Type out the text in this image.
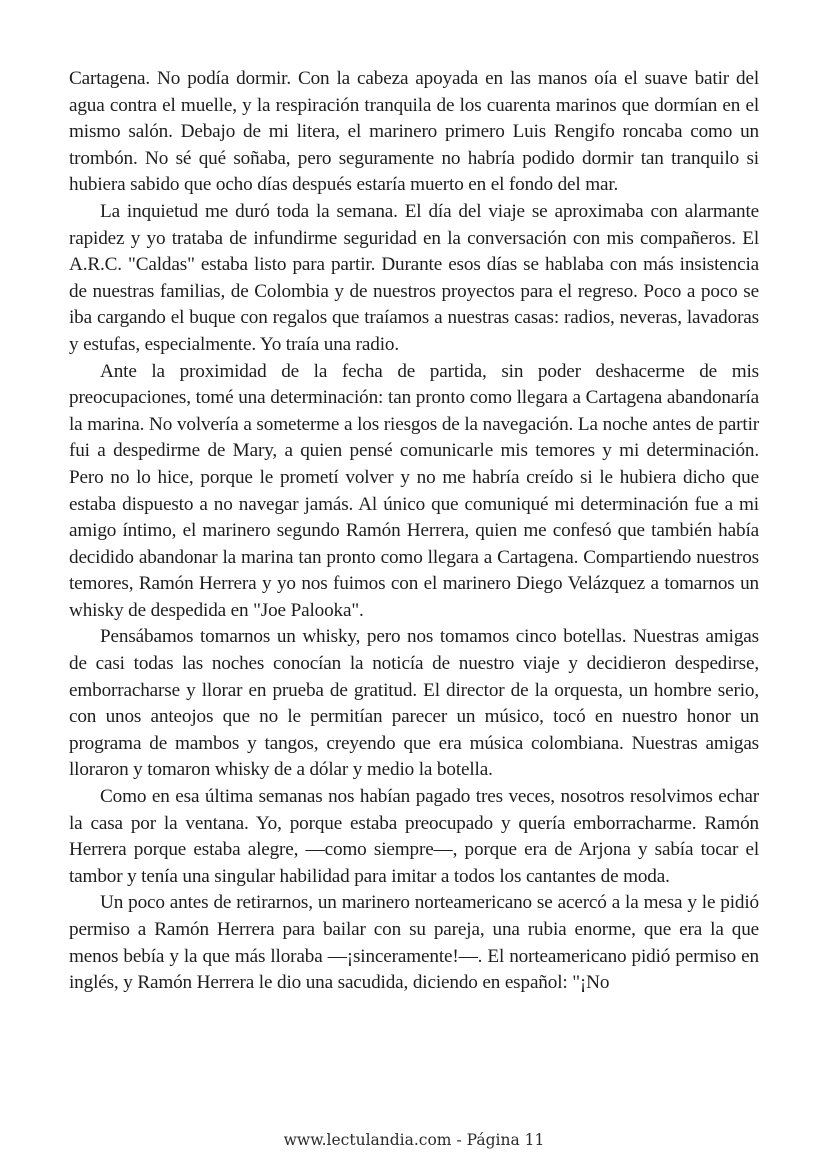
Cartagena. No podía dormir. Con la cabeza apoyada en las manos oía el suave batir del agua contra el muelle, y la respiración tranquila de los cuarenta marinos que dormían en el mismo salón. Debajo de mi litera, el marinero primero Luis Rengifo roncaba como un trombón. No sé qué soñaba, pero seguramente no habría podido dormir tan tranquilo si hubiera sabido que ocho días después estaría muerto en el fondo del mar.

La inquietud me duró toda la semana. El día del viaje se aproximaba con alarmante rapidez y yo trataba de infundirme seguridad en la conversación con mis compañeros. El A.R.C. "Caldas" estaba listo para partir. Durante esos días se hablaba con más insistencia de nuestras familias, de Colombia y de nuestros proyectos para el regreso. Poco a poco se iba cargando el buque con regalos que traíamos a nuestras casas: radios, neveras, lavadoras y estufas, especialmente. Yo traía una radio.

Ante la proximidad de la fecha de partida, sin poder deshacerme de mis preocupaciones, tomé una determinación: tan pronto como llegara a Cartagena abandonaría la marina. No volvería a someterme a los riesgos de la navegación. La noche antes de partir fui a despedirme de Mary, a quien pensé comunicarle mis temores y mi determinación. Pero no lo hice, porque le prometí volver y no me habría creído si le hubiera dicho que estaba dispuesto a no navegar jamás. Al único que comuniqué mi determinación fue a mi amigo íntimo, el marinero segundo Ramón Herrera, quien me confesó que también había decidido abandonar la marina tan pronto como llegara a Cartagena. Compartiendo nuestros temores, Ramón Herrera y yo nos fuimos con el marinero Diego Velázquez a tomarnos un whisky de despedida en "Joe Palooka".

Pensábamos tomarnos un whisky, pero nos tomamos cinco botellas. Nuestras amigas de casi todas las noches conocían la noticía de nuestro viaje y decidieron despedirse, emborracharse y llorar en prueba de gratitud. El director de la orquesta, un hombre serio, con unos anteojos que no le permitían parecer un músico, tocó en nuestro honor un programa de mambos y tangos, creyendo que era música colombiana. Nuestras amigas lloraron y tomaron whisky de a dólar y medio la botella.

Como en esa última semanas nos habían pagado tres veces, nosotros resolvimos echar la casa por la ventana. Yo, porque estaba preocupado y quería emborracharme. Ramón Herrera porque estaba alegre, —como siempre—, porque era de Arjona y sabía tocar el tambor y tenía una singular habilidad para imitar a todos los cantantes de moda.

Un poco antes de retirarnos, un marinero norteamericano se acercó a la mesa y le pidió permiso a Ramón Herrera para bailar con su pareja, una rubia enorme, que era la que menos bebía y la que más lloraba —¡sinceramente!—. El norteamericano pidió permiso en inglés, y Ramón Herrera le dio una sacudida, diciendo en español: "¡No

www.lectulandia.com - Página 11
